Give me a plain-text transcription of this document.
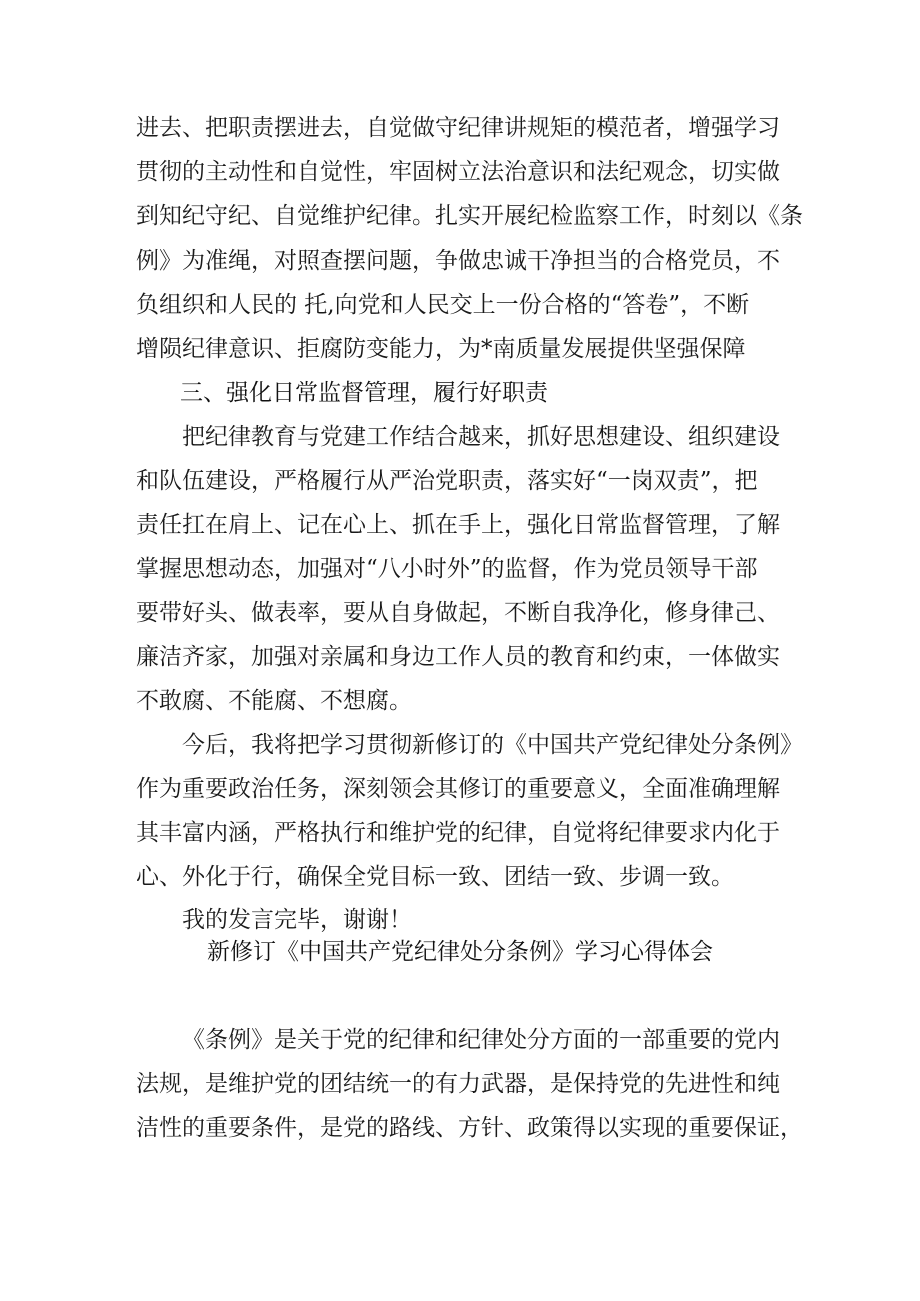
进去、把职责摆进去，自觉做守纪律讲规矩的模范者，增强学习
贯彻的主动性和自觉性，牢固树立法治意识和法纪观念，切实做
到知纪守纪、自觉维护纪律。扎实开展纪检监察工作，时刻以《条
例》为准绳，对照查摆问题，争做忠诚干净担当的合格党员，不
负组织和人民的 托,向党和人民交上一份合格的“答卷”，不断
增陨纪律意识、拒腐防变能力，为*南质量发展提供坚强保障
三、强化日常监督管理，履行好职责
把纪律教育与党建工作结合越来，抓好思想建设、组织建设
和队伍建设，严格履行从严治党职责，落实好“一岗双责”，把
责任扛在肩上、记在心上、抓在手上，强化日常监督管理，了解
掌握思想动态，加强对“八小时外”的监督，作为党员领导干部
要带好头、做表率，要从自身做起，不断自我净化，修身律己、
廉洁齐家，加强对亲属和身边工作人员的教育和约束，一体做实
不敢腐、不能腐、不想腐。
今后，我将把学习贯彻新修订的《中国共产党纪律处分条例》
作为重要政治任务，深刻领会其修订的重要意义，全面准确理解
其丰富内涵，严格执行和维护党的纪律，自觉将纪律要求内化于
心、外化于行，确保全党目标一致、团结一致、步调一致。
我的发言完毕，谢谢！
新修订《中国共产党纪律处分条例》学习心得体会
《条例》是关于党的纪律和纪律处分方面的一部重要的党内
法规，是维护党的团结统一的有力武器，是保持党的先进性和纯
洁性的重要条件，是党的路线、方针、政策得以实现的重要保证，
